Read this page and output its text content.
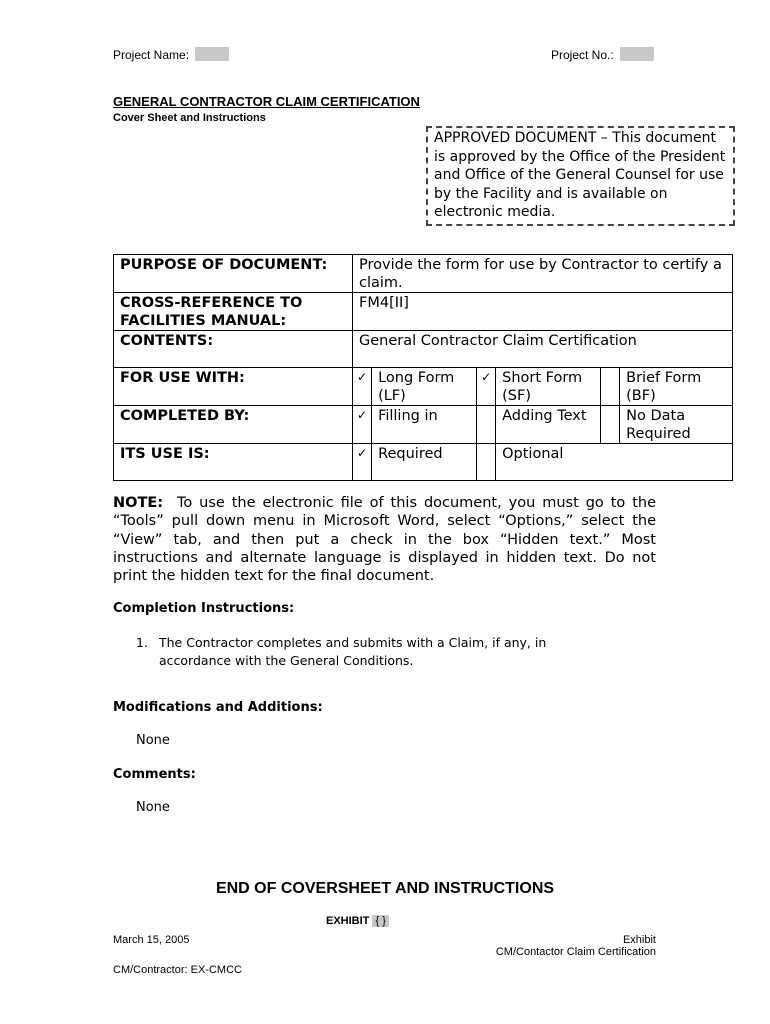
Project Name:	Project No.:
GENERAL CONTRACTOR CLAIM CERTIFICATION
Cover Sheet and Instructions
APPROVED DOCUMENT – This document is approved by the Office of the President and Office of the General Counsel for use by the Facility and is available on electronic media.
PURPOSE OF DOCUMENT:	Provide the form for use by Contractor to certify a claim.					
CROSS-REFERENCE TO FACILITIES MANUAL:	FM4[II]					
CONTENTS:	General Contractor Claim Certification					
FOR USE WITH:	✓	Long Form (LF)	✓	Short Form (SF)		Brief Form (BF)
COMPLETED BY:	✓	Filling in		Adding Text		No Data Required
ITS USE IS:	✓	Required		Optional		
NOTE: To use the electronic file of this document, you must go to the “Tools” pull down menu in Microsoft Word, select “Options,” select the “View” tab, and then put a check in the box “Hidden text.” Most instructions and alternate language is displayed in hidden text. Do not print the hidden text for the final document.
Completion Instructions:
1. The Contractor completes and submits with a Claim, if any, in accordance with the General Conditions.
Modifications and Additions:
None
Comments:
None
END OF COVERSHEET AND INSTRUCTIONS
EXHIBIT { }
March 15, 2005	Exhibit
CM/Contactor Claim Certification
CM/Contractor: EX-CMCC
